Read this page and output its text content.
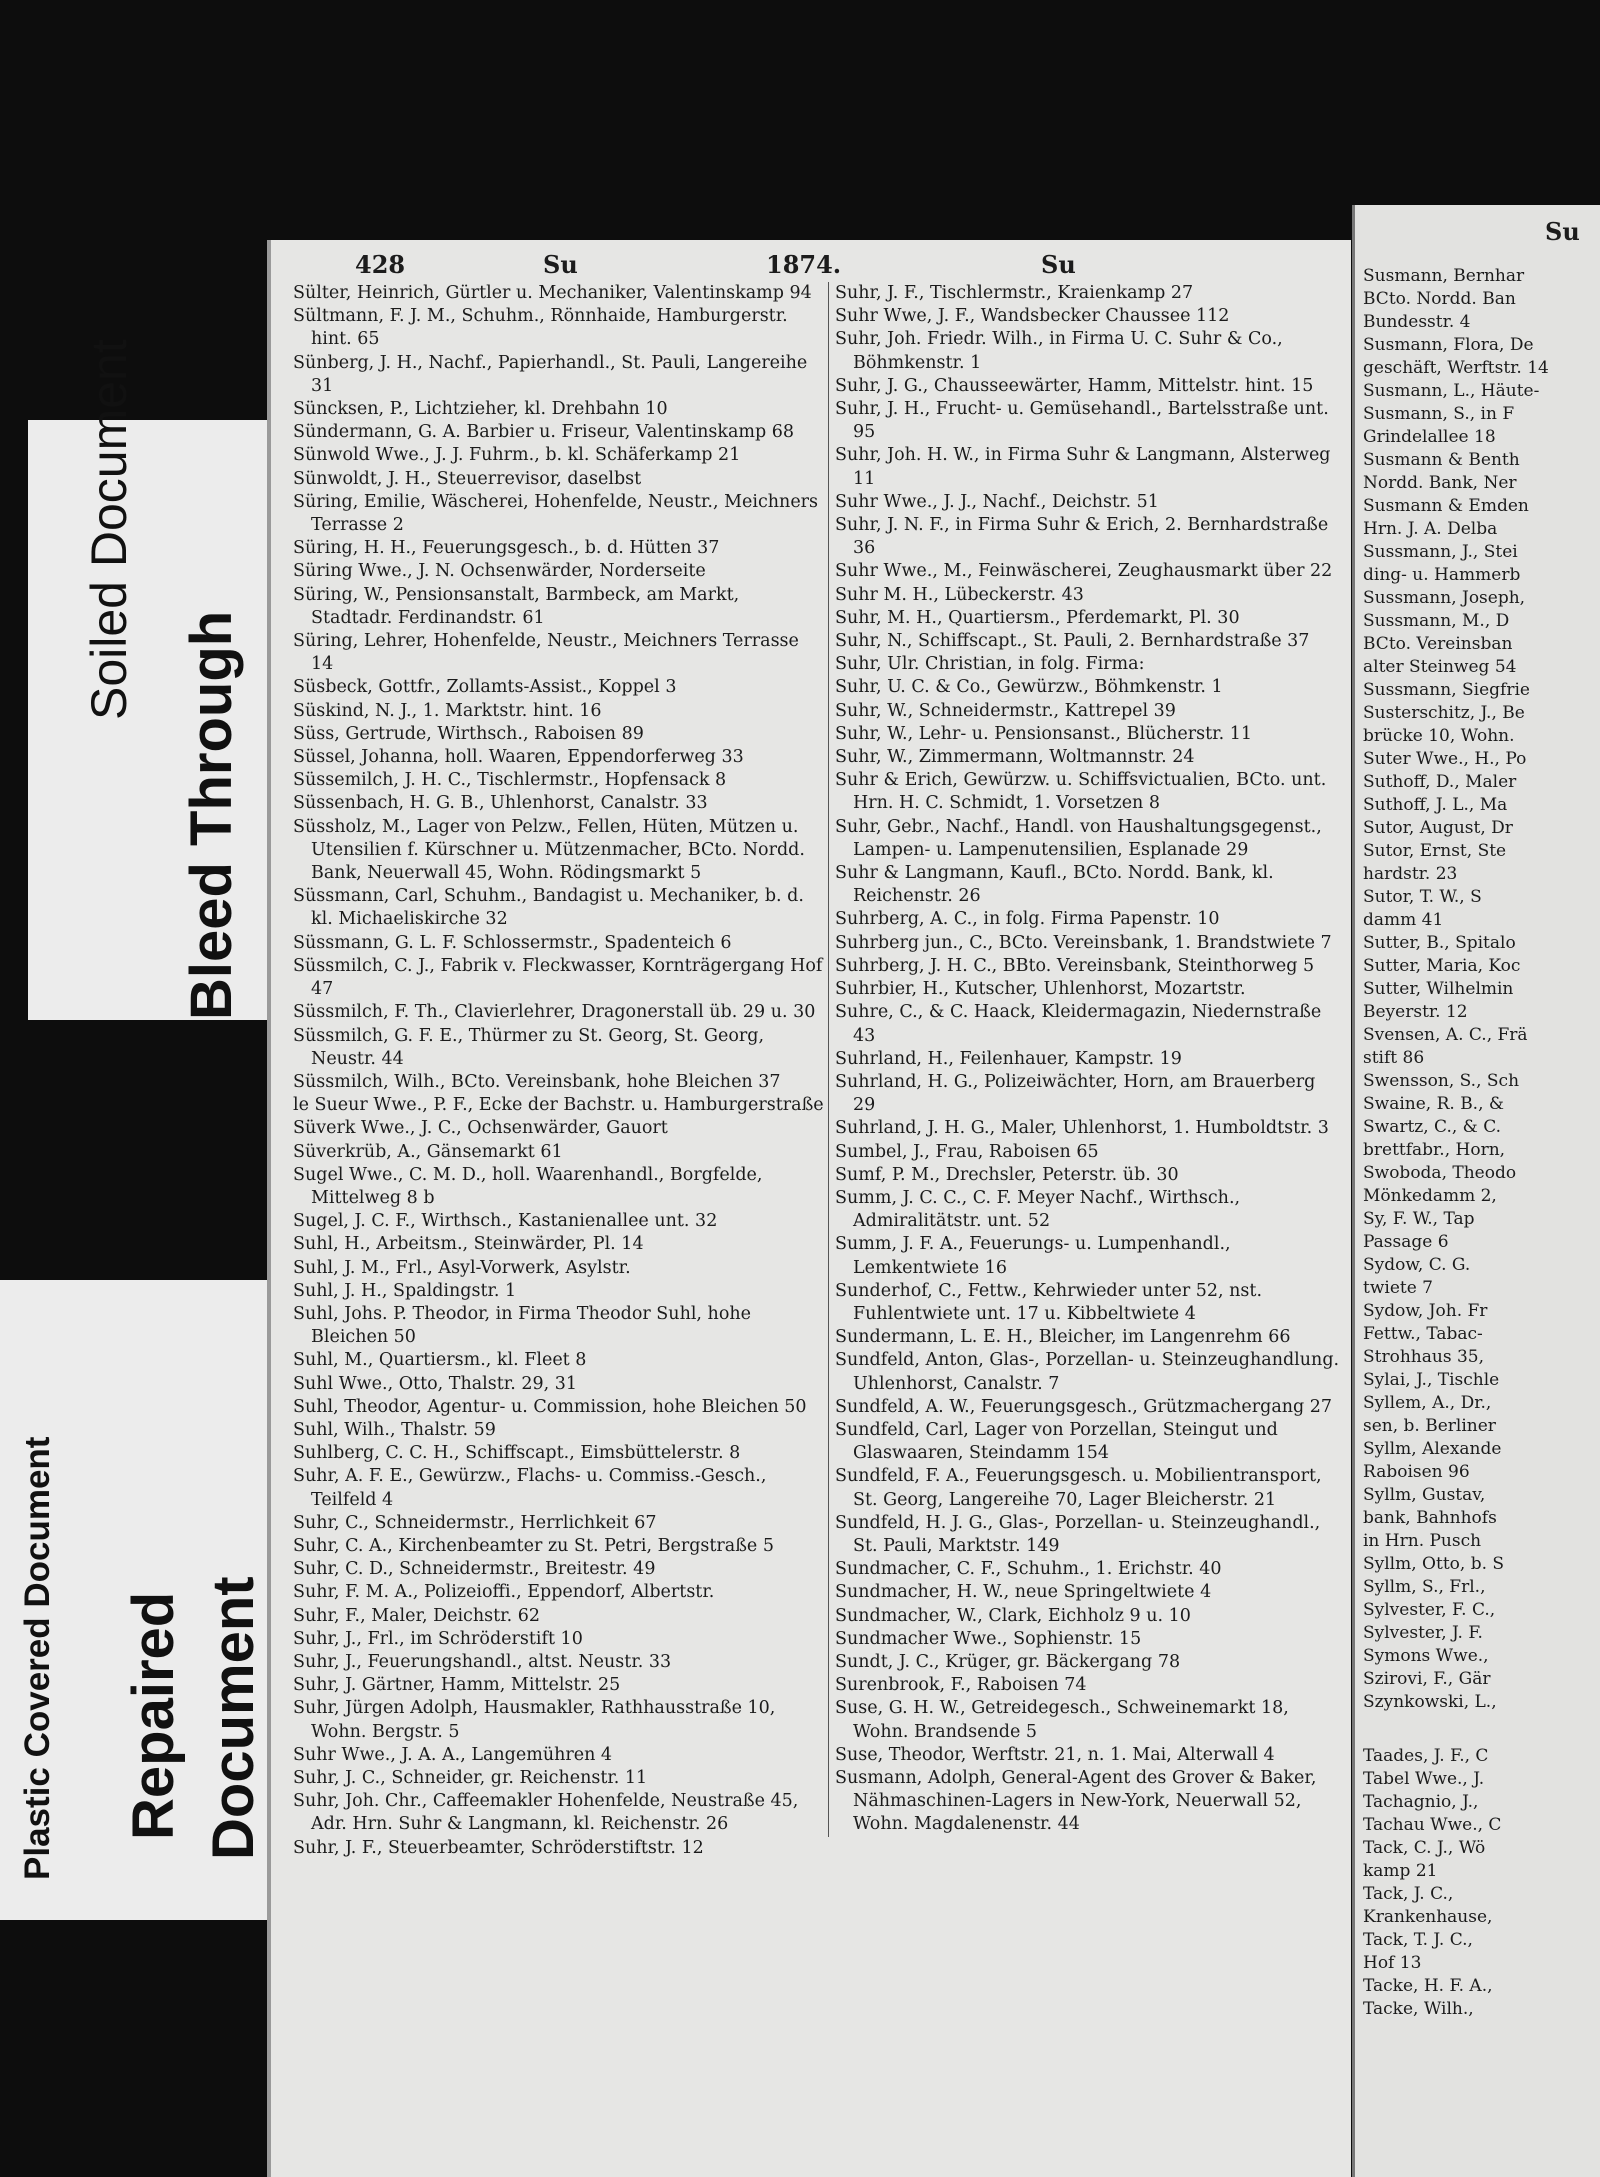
Soiled Document
Bleed Through
Plastic Covered Document Repaired Document
428	Su	1874.	Su
Sülter, Heinrich, Gürtler u. Mechaniker, Valentinskamp 94
Sültmann, F. J. M., Schuhm., Rönnhaide, Hamburgerstr. hint. 65
Sünberg, J. H., Nachf., Papierhandl., St. Pauli, Langereihe 31
Süncksen, P., Lichtzieher, kl. Drehbahn 10
Sündermann, G. A. Barbier u. Friseur, Valentinskamp 68
Sünwold Wwe., J. J. Fuhrm., b. kl. Schäferkamp 21
Sünwoldt, J. H., Steuerrevisor, daselbst
Süring, Emilie, Wäscherei, Hohenfelde, Neustr., Meichners Terrasse 2
Süring, H. H., Feuerungsgesch., b. d. Hütten 37
Süring Wwe., J. N. Ochsenwärder, Norderseite
Süring, W., Pensionsanstalt, Barmbeck, am Markt, Stadtadr. Ferdinandstr. 61
Süring, Lehrer, Hohenfelde, Neustr., Meichners Terrasse 14
Süsbeck, Gottfr., Zollamts-Assist., Koppel 3
Süskind, N. J., 1. Marktstr. hint. 16
Süss, Gertrude, Wirthsch., Raboisen 89
Süssel, Johanna, holl. Waaren, Eppendorferweg 33
Süssemilch, J. H. C., Tischlermstr., Hopfensack 8
Süssenbach, H. G. B., Uhlenhorst, Canalstr. 33
Süssholz, M., Lager von Pelzw., Fellen, Hüten, Mützen u. Utensilien f. Kürschner u. Mützenmacher, BCto. Nordd. Bank, Neuerwall 45, Wohn. Rödingsmarkt 5
Süssmann, Carl, Schuhm., Bandagist u. Mechaniker, b. d. kl. Michaeliskirche 32
Süssmann, G. L. F. Schlossermstr., Spadenteich 6
Süssmilch, C. J., Fabrik v. Fleckwasser, Kornträgergang Hof 47
Süssmilch, F. Th., Clavierlehrer, Dragonerstall üb. 29 u. 30
Süssmilch, G. F. E., Thürmer zu St. Georg, St. Georg, Neustr. 44
Süssmilch, Wilh., BCto. Vereinsbank, hohe Bleichen 37
le Sueur Wwe., P. F., Ecke der Bachstr. u. Hamburgerstraße
Süverk Wwe., J. C., Ochsenwärder, Gauort
Süverkrüb, A., Gänsemarkt 61
Sugel Wwe., C. M. D., holl. Waarenhandl., Borgfelde, Mittelweg 8 b
Sugel, J. C. F., Wirthsch., Kastanienallee unt. 32
Suhl, H., Arbeitsm., Steinwärder, Pl. 14
Suhl, J. M., Frl., Asyl-Vorwerk, Asylstr.
Suhl, J. H., Spaldingstr. 1
Suhl, Johs. P. Theodor, in Firma Theodor Suhl, hohe Bleichen 50
Suhl, M., Quartiersm., kl. Fleet 8
Suhl Wwe., Otto, Thalstr. 29, 31
Suhl, Theodor, Agentur- u. Commission, hohe Bleichen 50
Suhl, Wilh., Thalstr. 59
Suhlberg, C. C. H., Schiffscapt., Eimsbüttelerstr. 8
Suhr, A. F. E., Gewürzw., Flachs- u. Commiss.-Gesch., Teilfeld 4
Suhr, C., Schneidermstr., Herrlichkeit 67
Suhr, C. A., Kirchenbeamter zu St. Petri, Bergstraße 5
Suhr, C. D., Schneidermstr., Breitestr. 49
Suhr, F. M. A., Polizeioffi., Eppendorf, Albertstr.
Suhr, F., Maler, Deichstr. 62
Suhr, J., Frl., im Schröderstift 10
Suhr, J., Feuerungshandl., altst. Neustr. 33
Suhr, J. Gärtner, Hamm, Mittelstr. 25
Suhr, Jürgen Adolph, Hausmakler, Rathhausstraße 10, Wohn. Bergstr. 5
Suhr Wwe., J. A. A., Langemühren 4
Suhr, J. C., Schneider, gr. Reichenstr. 11
Suhr, Joh. Chr., Caffeemakler Hohenfelde, Neustraße 45, Adr. Hrn. Suhr & Langmann, kl. Reichenstr. 26
Suhr, J. F., Steuerbeamter, Schröderstiftstr. 12
Suhr, J. F., Tischlermstr., Kraienkamp 27
Suhr Wwe, J. F., Wandsbecker Chaussee 112
Suhr, Joh. Friedr. Wilh., in Firma U. C. Suhr & Co., Böhmkenstr. 1
Suhr, J. G., Chausseewärter, Hamm, Mittelstr. hint. 15
Suhr, J. H., Frucht- u. Gemüsehandl., Bartelsstraße unt. 95
Suhr, Joh. H. W., in Firma Suhr & Langmann, Alsterweg 11
Suhr Wwe., J. J., Nachf., Deichstr. 51
Suhr, J. N. F., in Firma Suhr & Erich, 2. Bernhardstraße 36
Suhr Wwe., M., Feinwäscherei, Zeughausmarkt über 22
Suhr M. H., Lübeckerstr. 43
Suhr, M. H., Quartiersm., Pferdemarkt, Pl. 30
Suhr, N., Schiffscapt., St. Pauli, 2. Bernhardstraße 37
Suhr, Ulr. Christian, in folg. Firma:
Suhr, U. C. & Co., Gewürzw., Böhmkenstr. 1
Suhr, W., Schneidermstr., Kattrepel 39
Suhr, W., Lehr- u. Pensionsanst., Blücherstr. 11
Suhr, W., Zimmermann, Woltmannstr. 24
Suhr & Erich, Gewürzw. u. Schiffsvictualien, BCto. unt. Hrn. H. C. Schmidt, 1. Vorsetzen 8
Suhr, Gebr., Nachf., Handl. von Haushaltungsgegenst., Lampen- u. Lampenutensilien, Esplanade 29
Suhr & Langmann, Kaufl., BCto. Nordd. Bank, kl. Reichenstr. 26
Suhrberg, A. C., in folg. Firma Papenstr. 10
Suhrberg jun., C., BCto. Vereinsbank, 1. Brandstwiete 7
Suhrberg, J. H. C., BBto. Vereinsbank, Steinthorweg 5
Suhrbier, H., Kutscher, Uhlenhorst, Mozartstr.
Suhre, C., & C. Haack, Kleidermagazin, Niedernstraße 43
Suhrland, H., Feilenhauer, Kampstr. 19
Suhrland, H. G., Polizeiwächter, Horn, am Brauerberg 29
Suhrland, J. H. G., Maler, Uhlenhorst, 1. Humboldtstr. 3
Sumbel, J., Frau, Raboisen 65
Sumf, P. M., Drechsler, Peterstr. üb. 30
Summ, J. C. C., C. F. Meyer Nachf., Wirthsch., Admiralitätstr. unt. 52
Summ, J. F. A., Feuerungs- u. Lumpenhandl., Lemkentwiete 16
Sunderhof, C., Fettw., Kehrwieder unter 52, nst. Fuhlentwiete unt. 17 u. Kibbeltwiete 4
Sundermann, L. E. H., Bleicher, im Langenrehm 66
Sundfeld, Anton, Glas-, Porzellan- u. Steinzeughandlung. Uhlenhorst, Canalstr. 7
Sundfeld, A. W., Feuerungsgesch., Grützmachergang 27
Sundfeld, Carl, Lager von Porzellan, Steingut und Glaswaaren, Steindamm 154
Sundfeld, F. A., Feuerungsgesch. u. Mobilientransport, St. Georg, Langereihe 70, Lager Bleicherstr. 21
Sundfeld, H. J. G., Glas-, Porzellan- u. Steinzeughandl., St. Pauli, Marktstr. 149
Sundmacher, C. F., Schuhm., 1. Erichstr. 40
Sundmacher, H. W., neue Springeltwiete 4
Sundmacher, W., Clark, Eichholz 9 u. 10
Sundmacher Wwe., Sophienstr. 15
Sundt, J. C., Krüger, gr. Bäckergang 78
Surenbrook, F., Raboisen 74
Suse, G. H. W., Getreidegesch., Schweinemarkt 18, Wohn. Brandsende 5
Suse, Theodor, Werftstr. 21, n. 1. Mai, Alterwall 4
Susmann, Adolph, General-Agent des Grover & Baker, Nähmaschinen-Lagers in New-York, Neuerwall 52, Wohn. Magdalenenstr. 44
Su
Susmann, Bernhar
BCto. Nordd. Ban
Bundesstr. 4
Susmann, Flora, De
geschäft, Werftstr. 14
Susmann, L., Häute-
Susmann, S., in F
Grindelallee 18
Susmann & Benth
Nordd. Bank, Ner
Susmann & Emden
Hrn. J. A. Delba
Sussmann, J., Stei
ding- u. Hammerb
Sussmann, Joseph,
Sussmann, M., D
BCto. Vereinsban
alter Steinweg 54
Sussmann, Siegfrie
Susterschitz, J., Be
brücke 10, Wohn.
Suter Wwe., H., Po
Suthoff, D., Maler
Suthoff, J. L., Ma
Sutor, August, Dr
Sutor, Ernst, Ste
hardstr. 23
Sutor, T. W., S
damm 41
Sutter, B., Spitalo
Sutter, Maria, Koc
Sutter, Wilhelmin
Beyerstr. 12
Svensen, A. C., Frä
stift 86
Swensson, S., Sch
Swaine, R. B., &
Swartz, C., & C.
brettfabr., Horn,
Swoboda, Theodo
Mönkedamm 2,
Sy, F. W., Tap
Passage 6
Sydow, C. G.
twiete 7
Sydow, Joh. Fr
Fettw., Tabac-
Strohhaus 35,
Sylai, J., Tischle
Syllem, A., Dr.,
sen, b. Berliner
Syllm, Alexande
Raboisen 96
Syllm, Gustav,
bank, Bahnhofs
in Hrn. Pusch
Syllm, Otto, b. S
Syllm, S., Frl.,
Sylvester, F. C.,
Sylvester, J. F.
Symons Wwe.,
Szirovi, F., Gär
Szynkowski, L.,
Taades, J. F., C
Tabel Wwe., J.
Tachagnio, J.,
Tachau Wwe., C
Tack, C. J., Wö
kamp 21
Tack, J. C.,
Krankenhause,
Tack, T. J. C.,
Hof 13
Tacke, H. F. A.,
Tacke, Wilh.,
